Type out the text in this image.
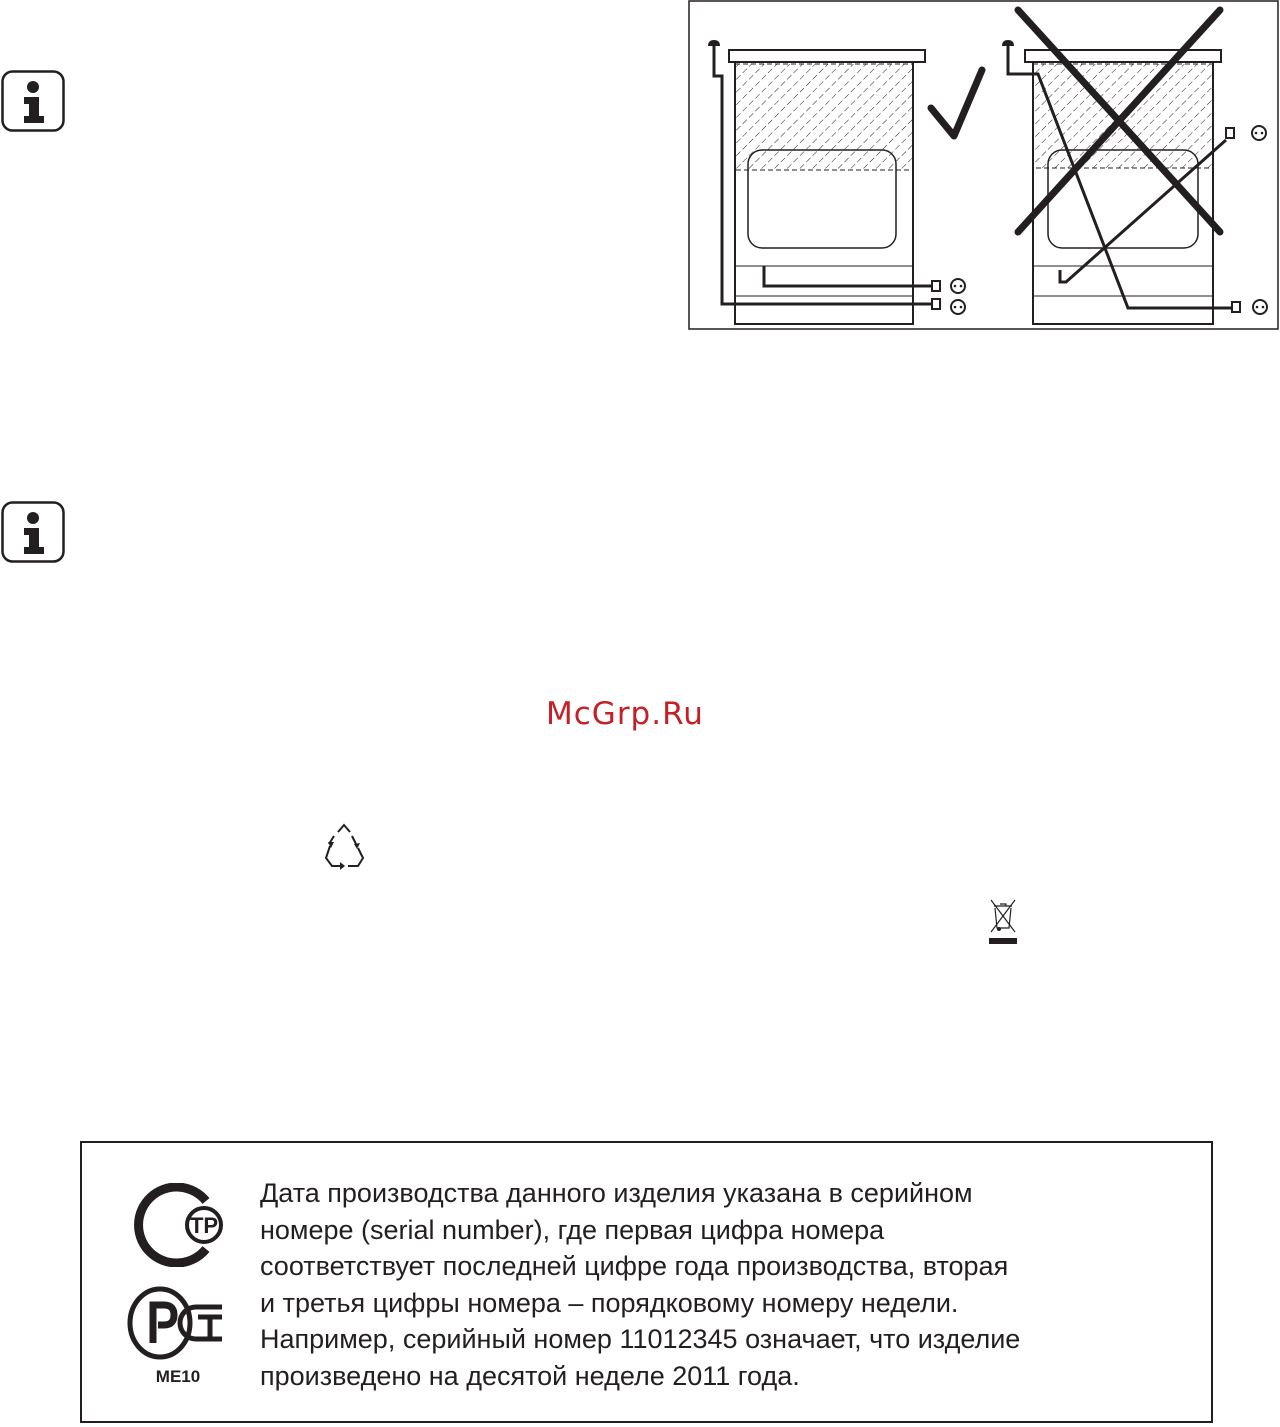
McGrp.Ru
TP
ME10
Дата производства данного изделия указана в серийном
номере (serial number), где первая цифра номера
соответствует последней цифре года производства, вторая
и третья цифры номера – порядковому номеру недели.
Например, серийный номер 11012345 означает, что изделие
произведено на десятой неделе 2011 года.
